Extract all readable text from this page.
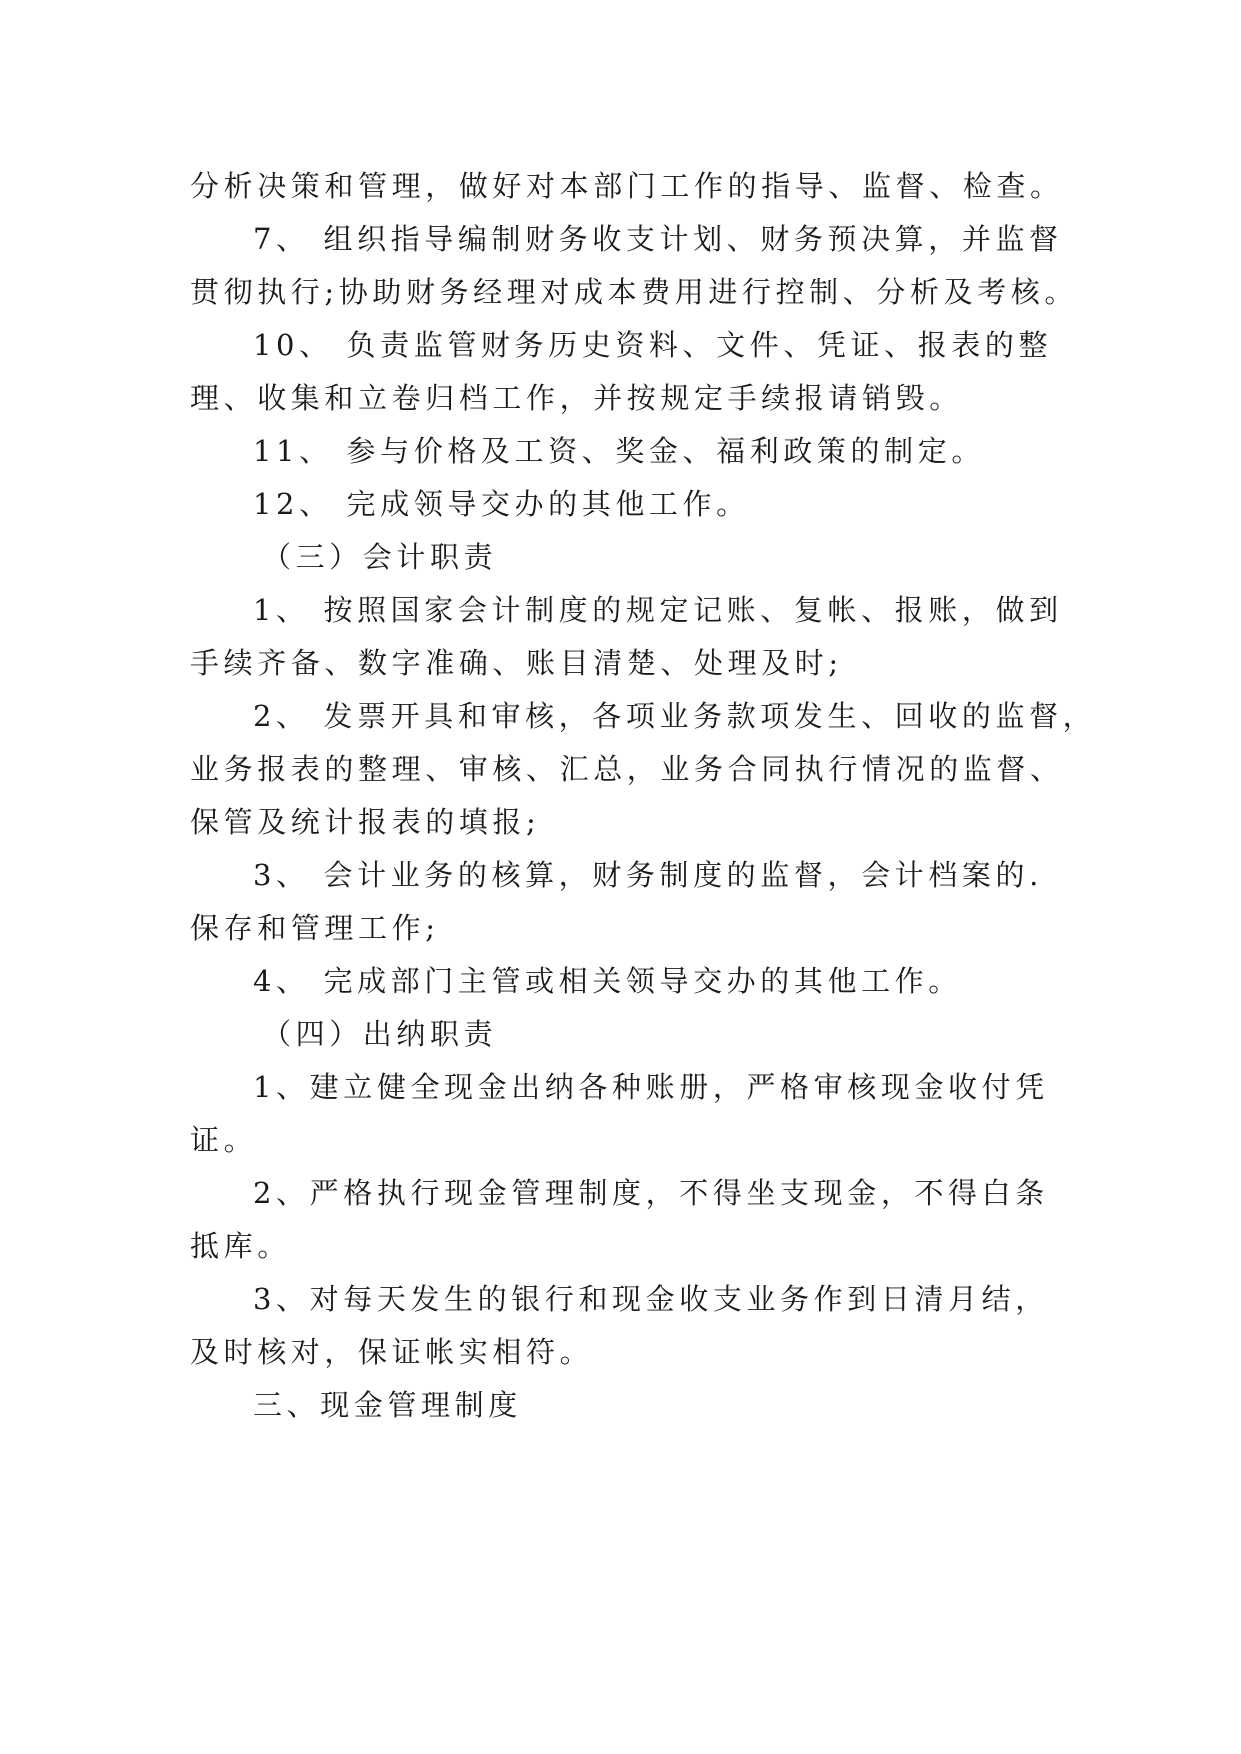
分析决策和管理，做好对本部门工作的指导、监督、检查。
7、 组织指导编制财务收支计划、财务预决算，并监督
贯彻执行;协助财务经理对成本费用进行控制、分析及考核。
10、 负责监管财务历史资料、文件、凭证、报表的整
理、收集和立卷归档工作，并按规定手续报请销毁。
11、 参与价格及工资、奖金、福利政策的制定。
12、 完成领导交办的其他工作。
（三）会计职责
1、 按照国家会计制度的规定记账、复帐、报账，做到
手续齐备、数字准确、账目清楚、处理及时;
2、 发票开具和审核，各项业务款项发生、回收的监督，
业务报表的整理、审核、汇总，业务合同执行情况的监督、
保管及统计报表的填报;
3、 会计业务的核算，财务制度的监督，会计档案的.
保存和管理工作;
4、 完成部门主管或相关领导交办的其他工作。
（四）出纳职责
1、建立健全现金出纳各种账册，严格审核现金收付凭
证。
2、严格执行现金管理制度，不得坐支现金，不得白条
抵库。
3、对每天发生的银行和现金收支业务作到日清月结，
及时核对，保证帐实相符。
三、现金管理制度
